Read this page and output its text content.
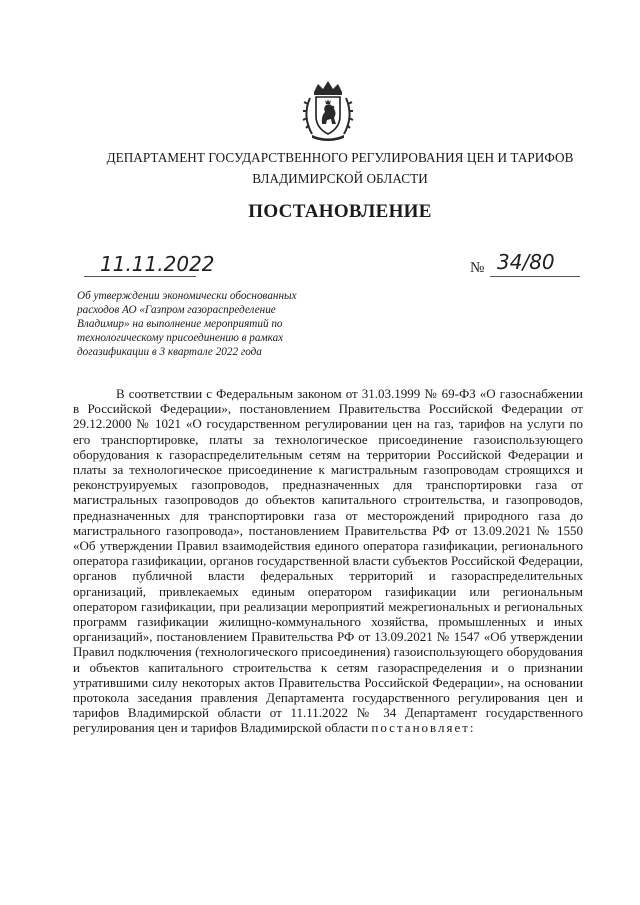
ДЕПАРТАМЕНТ ГОСУДАРСТВЕННОГО РЕГУЛИРОВАНИЯ ЦЕН И ТАРИФОВ
ВЛАДИМИРСКОЙ ОБЛАСТИ
ПОСТАНОВЛЕНИЕ
11.11.2022	№ 34/80
Об утверждении экономически обоснованных расходов АО «Газпром газораспределение Владимир» на выполнение мероприятий по технологическому присоединению в рамках догазификации в 3 квартале 2022 года
В соответствии с Федеральным законом от 31.03.1999 № 69-ФЗ «О газоснабжении в Российской Федерации», постановлением Правительства Российской Федерации от 29.12.2000 № 1021 «О государственном регулировании цен на газ, тарифов на услуги по его транспортировке, платы за технологическое присоединение газоиспользующего оборудования к газораспределительным сетям на территории Российской Федерации и платы за технологическое присоединение к магистральным газопроводам строящихся и реконструируемых газопроводов, предназначенных для транспортировки газа от магистральных газопроводов до объектов капитального строительства, и газопроводов, предназначенных для транспортировки газа от месторождений природного газа до магистрального газопровода», постановлением Правительства РФ от 13.09.2021 № 1550 «Об утверждении Правил взаимодействия единого оператора газификации, регионального оператора газификации, органов государственной власти субъектов Российской Федерации, органов публичной власти федеральных территорий и газораспределительных организаций, привлекаемых единым оператором газификации или региональным оператором газификации, при реализации мероприятий межрегиональных и региональных программ газификации жилищно-коммунального хозяйства, промышленных и иных организаций», постановлением Правительства РФ от 13.09.2021 № 1547 «Об утверждении Правил подключения (технологического присоединения) газоиспользующего оборудования и объектов капитального строительства к сетям газораспределения и о признании утратившими силу некоторых актов Правительства Российской Федерации», на основании протокола заседания правления Департамента государственного регулирования цен и тарифов Владимирской области от 11.11.2022 № 34 Департамент государственного регулирования цен и тарифов Владимирской области постановляет:
